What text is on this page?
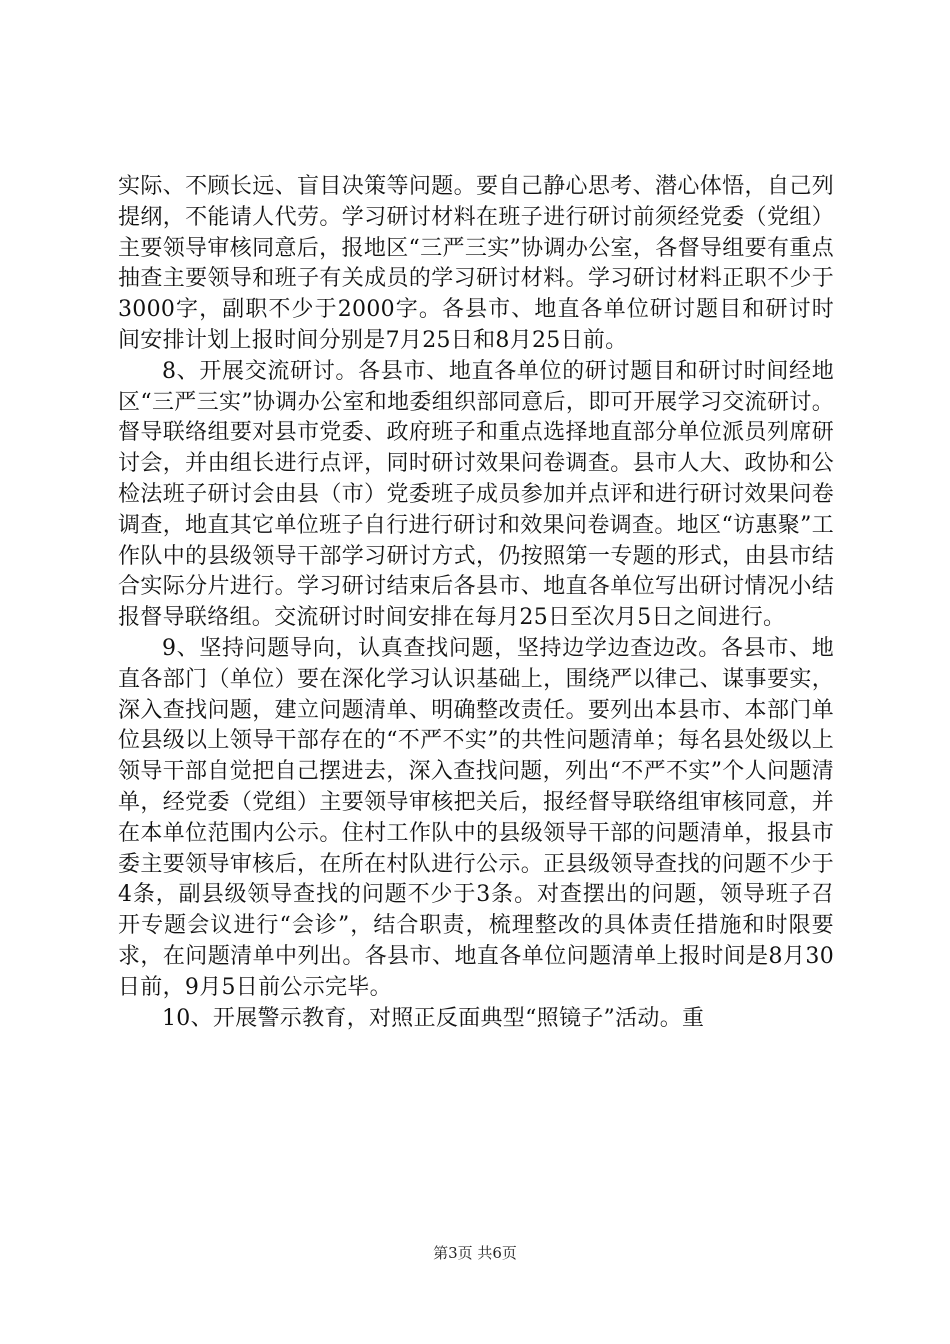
实际、不顾长远、盲目决策等问题。要自己静心思考、潜心体悟，自己列提纲，不能请人代劳。学习研讨材料在班子进行研讨前须经党委（党组）主要领导审核同意后，报地区“三严三实”协调办公室，各督导组要有重点抽查主要领导和班子有关成员的学习研讨材料。学习研讨材料正职不少于3000字，副职不少于2000字。各县市、地直各单位研讨题目和研讨时间安排计划上报时间分别是7月25日和8月25日前。

8、开展交流研讨。各县市、地直各单位的研讨题目和研讨时间经地区“三严三实”协调办公室和地委组织部同意后，即可开展学习交流研讨。督导联络组要对县市党委、政府班子和重点选择地直部分单位派员列席研讨会，并由组长进行点评，同时研讨效果问卷调查。县市人大、政协和公检法班子研讨会由县（市）党委班子成员参加并点评和进行研讨效果问卷调查，地直其它单位班子自行进行研讨和效果问卷调查。地区“访惠聚”工作队中的县级领导干部学习研讨方式，仍按照第一专题的形式，由县市结合实际分片进行。学习研讨结束后各县市、地直各单位写出研讨情况小结报督导联络组。交流研讨时间安排在每月25日至次月5日之间进行。

9、坚持问题导向，认真查找问题，坚持边学边查边改。各县市、地直各部门（单位）要在深化学习认识基础上，围绕严以律己、谋事要实，深入查找问题，建立问题清单、明确整改责任。要列出本县市、本部门单位县级以上领导干部存在的“不严不实”的共性问题清单；每名县处级以上领导干部自觉把自己摆进去，深入查找问题，列出“不严不实”个人问题清单，经党委（党组）主要领导审核把关后，报经督导联络组审核同意，并在本单位范围内公示。住村工作队中的县级领导干部的问题清单，报县市委主要领导审核后，在所在村队进行公示。正县级领导查找的问题不少于4条，副县级领导查找的问题不少于3条。对查摆出的问题，领导班子召开专题会议进行“会诊”，结合职责，梳理整改的具体责任措施和时限要求，在问题清单中列出。各县市、地直各单位问题清单上报时间是8月30日前，9月5日前公示完毕。

10、开展警示教育，对照正反面典型“照镜子”活动。重

第3页 共6页
